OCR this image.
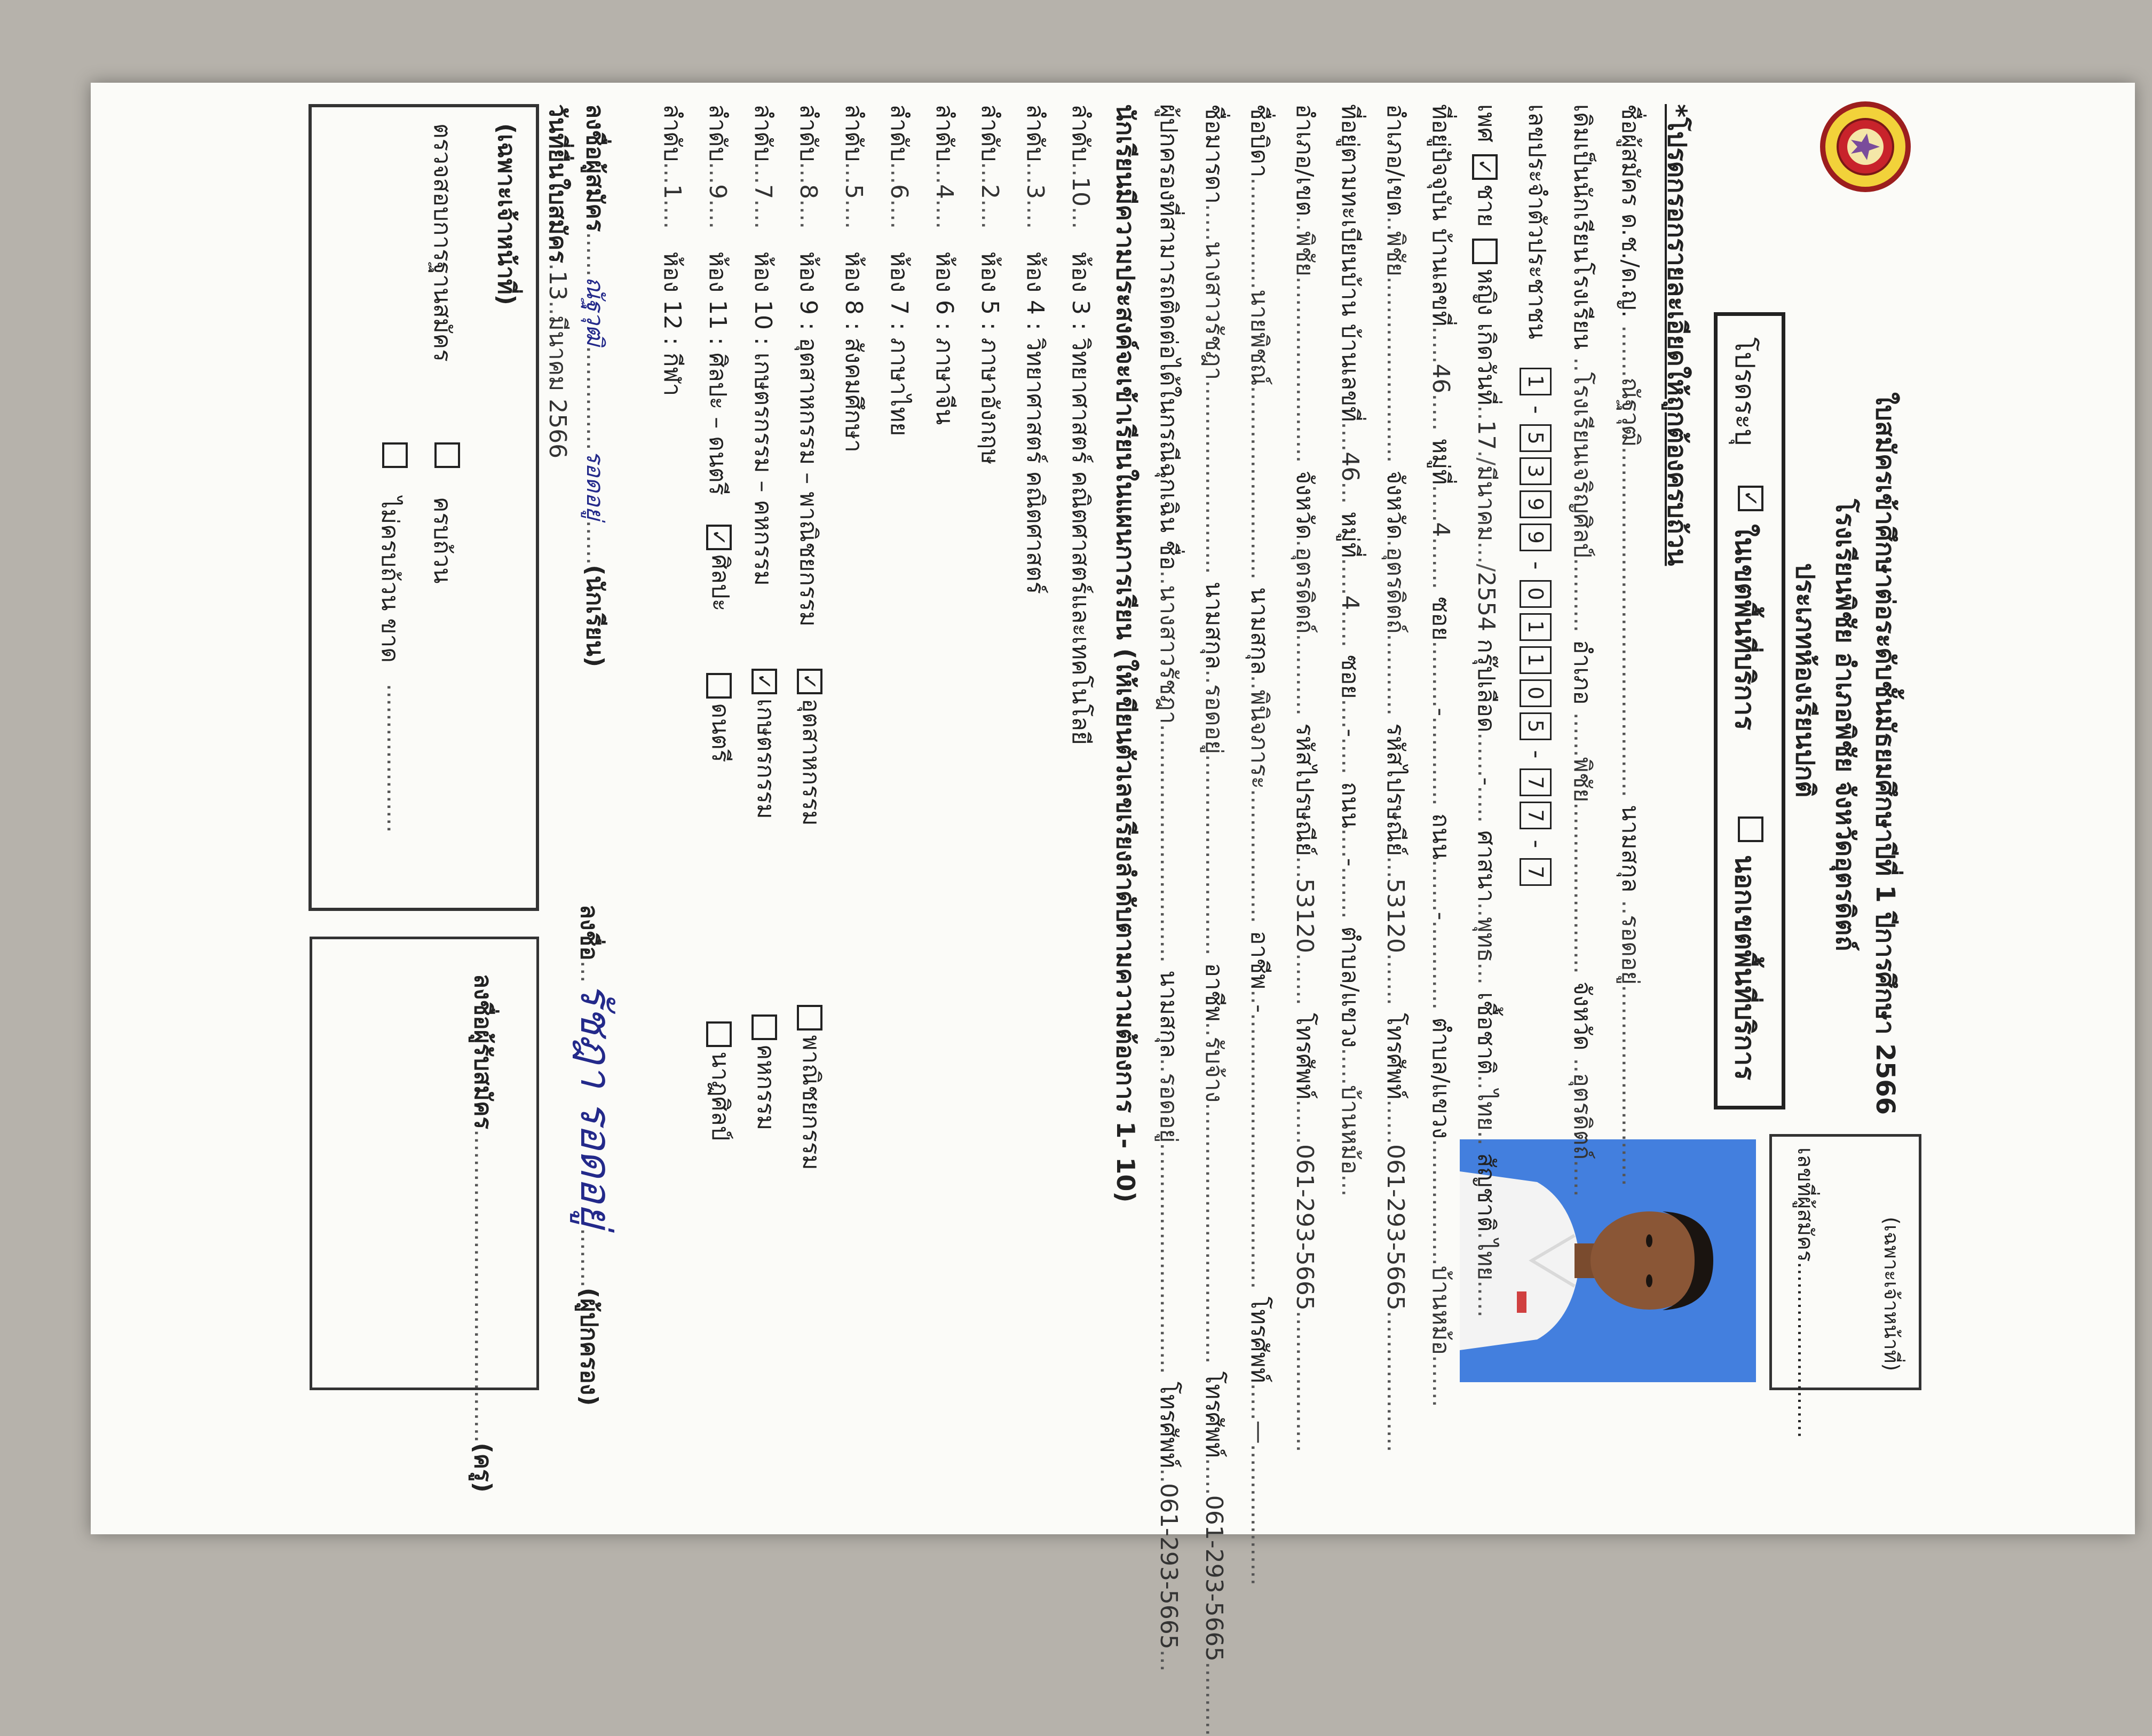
ใบสมัครเข้าศึกษาต่อระดับชั้นมัธยมศึกษาปีที่ 1 ปีการศึกษา 2566
โรงเรียนพิชัย อำเภอพิชัย จังหวัดอุตรดิตถ์
ประเภทห้องเรียนปกติ
(เฉพาะเจ้าหน้าที่)
เลขที่ผู้สมัคร..........................
โปรดระบุ
✓
ในเขตพื้นที่บริการ
นอกเขตพื้นที่บริการ
*โปรดกรอกรายละเอียดให้ถูกต้องครบถ้วน
ชื่อผู้สมัคร ด.ช./ด.ญ. .......ณัฐวุฒิ............................................... นามสกุล ..รอดอยู่...........................
เดิมเป็นนักเรียนโรงเรียน ..โรงเรียนเจริญศิลป์.......... อำเภอ ......พิชัย....................... จังหวัด ..อุตรดิตถ์.....
เลขประจำตัวประชาชน  1 - 5399 - 01105 - 77 - 7
เพศ ✓ชาย หญิง เกิดวันที่..17./มีนาคม.../2554 กรุ๊ปเลือด......-..... ศาสนา..พุทธ... เชื้อชาติ..ไทย.. สัญชาติ.ไทย.....
ที่อยู่ปัจจุบัน บ้านเลขที่.....46..... หมู่ที่.....4....... ซอย.........-............ ถนน.......-............ ตำบล/แขวง.................บ้านหม้อ.......
อำเภอ/เขต..พิชัย......................... จังหวัด.อุตรดิตถ์........... รหัสไปรษณีย์...53120....... โทรศัพท์......061-293-5665...................
ที่อยู่ตามทะเบียนบ้าน บ้านเลขที่....46... หมู่ที่.....4..... ซอย....-..... ถนน....-....... ตำบล/แขวง.....บ้านหม้อ...
อำเภอ/เขต..พิชัย......................... จังหวัด.อุตรดิตถ์........... รหัสไปรษณีย์...53120....... โทรศัพท์......061-293-5665...................
ชื่อบิดา...............นายพิชณ์.......................... นามสกุล..พินิจภาระ.................. อาชีพ..-..................................... โทรศัพท์.....—...................
ชื่อมารดา.....นางสาวรัชฎา.......................... นามสกุล..รอดอยู่........................... อาชีพ..รับจ้าง................................... โทรศัพท์.....061-293-5665..........
ผู้ปกครองที่สามารถติดต่อได้ในกรณีฉุกเฉิน ชื่อ..นางสาวรัชฎา................................ นามสกุล..รอดอยู่............................... โทรศัพท์..061-293-5665...
นักเรียนมีความประสงค์จะเข้าเรียนในแผนการเรียน (ให้เขียนตัวเลขเรียงลำดับตามความต้องการ 1- 10)
ลำดับ..10...   ห้อง 3 : วิทยาศาสตร์ คณิตศาสตร์และเทคโนโลยี
ลำดับ...3....   ห้อง 4 : วิทยาศาสตร์ คณิตศาสตร์
ลำดับ...2....   ห้อง 5 : ภาษาอังกฤษ
ลำดับ...4....   ห้อง 6 : ภาษาจีน
ลำดับ...6....   ห้อง 7 : ภาษาไทย
ลำดับ...5....   ห้อง 8 : สังคมศึกษา
ลำดับ...8....   ห้อง 9 : อุตสาหกรรม – พาณิชยกรรม
✓อุตสาหกรรม  พาณิชยกรรม
ลำดับ...7....   ห้อง 10 : เกษตรกรรม – คหกรรม
✓เกษตรกรรม  คหกรรม
ลำดับ...9....   ห้อง 11 : ศิลปะ – ดนตรี
✓ศิลปะ  ดนตรี  นาฏศิลป์
ลำดับ...1....   ห้อง 12 : กีฬา
ลงชื่อผู้สมัคร......ณัฐวุฒิ..............รอดอยู่......(นักเรียน)
วันที่ยื่นใบสมัคร.13..มีนาคม 2566
ลงชื่อ...รัชฎา รอดอยู่........(ผู้ปกครอง)
(เฉพาะเจ้าหน้าที่)
ตรวจสอบการฐานสมัคร
ครบถ้วน
ไม่ครบถ้วน ขาด
....................
ลงชื่อผู้รับสมัคร..........................................(ครู)
